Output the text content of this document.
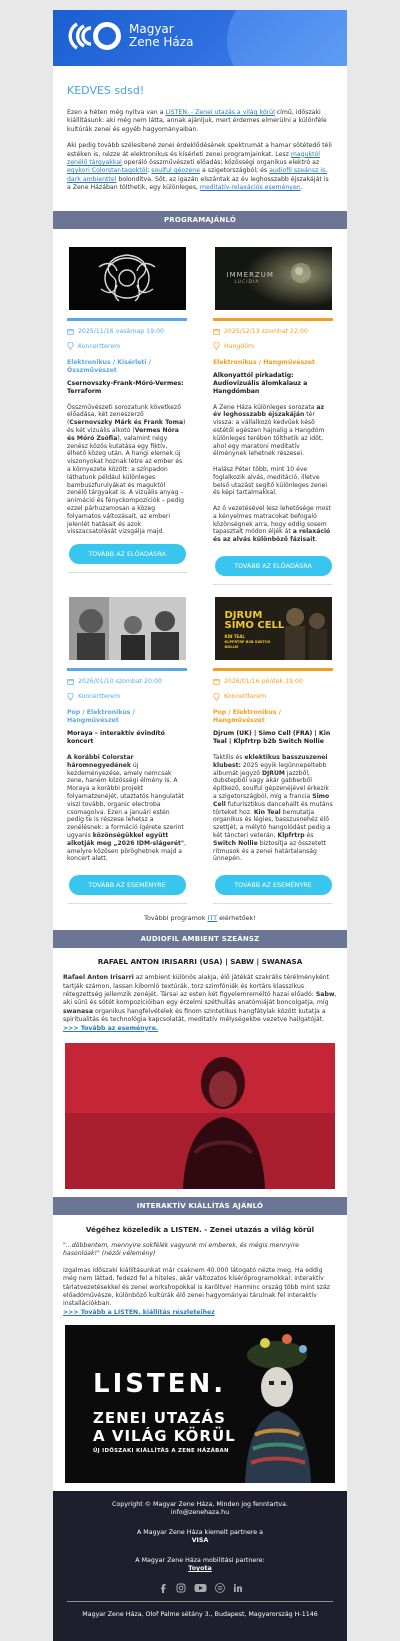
Magyar
Zene Háza
KEDVES sdsd!
Ezen a héten még nyitva van a LISTEN. - Zenei utazás a világ körül című, időszaki kiállításunk: aki még nem látta, annak ajánljuk, mert érdemes elmerülni a különféle kultúrák zenei és egyéb hagyományaiban.
Aki pedig tovább szélesítené zenei érdeklődésének spektrumát a hamar sötétedő téli estéken is, nézze át elektronikus és kísérleti zenei programjainkat. Lesz maguktól zenélő tárgyakkal operáló összművészeti előadás; közösségi organikus elektró az egykori Colorstar-tagoktól; soulful géozene a szigetországból; és audiofil szeánsz is, dark ambienttel bolondítva. Sőt, az igazán elszántak az év leghosszabb éjszakáját is a Zene Házában tölthetik, egy különleges, meditatív-relaxációs eseményen.
PROGRAMAJÁNLÓ
2025/11/16 vasárnap 19:00
Koncertterem
Elektronikus / Kísérleti / Összművészet
Csernovszky-Frank-Móró-Vermes: Terraform
Összművészeti sorozatunk következő előadása, két zeneszerző (Csernovszky Márk és Frank Toma) és két vizuális alkotó (Vermes Nóra és Móró Zsófia), valamint négy zenész közös kutatása egy fiktív, élhető közeg után. A hangi elemek új viszonyokat hoznak létre az ember és a környezete között: a színpadon láthatunk például különleges bambuszfurulyákat és maguktól zenélő tárgyakat is. A vizuális anyag – animáció és fényckompozíciók – pedig ezzel párhuzamosan a közeg folyamatos változásait, az emberi jelenlét hatásait és azok visszacsatolását vizsgálja majd.
TOVÁBB AZ ELŐADÁSRA
IMMERZUM
LUCIDIA
2025/12/13 szombat 22:00
Hangdóm
Elektronikus / Hangművészet
Alkonyattól pirkadatig: Audiovizuális álomkalauz a Hangdómban
A Zene Háza különleges sorozata az év leghosszabb éjszakáján tér vissza: a vállalkozó kedvűek késő estétől egészen hajnalig a Hangdóm különleges terében tölthetik az időt, ahol egy maratoni meditatív élménynek lehetnek részesei.

Halász Péter több, mint 10 éve foglalkozik alvás, meditáció, illetve belső utazást segítő különleges zenei és képi tartalmakkal.

Az ő vezetésével lesz lehetősége most a kényelmes matracokat befogaló közönségnek arra, hogy eddig sosem tapasztalt módon éljék át a relaxáció és az alvás különböző fázisait.
TOVÁBB AZ ELŐADÁSRA
2026/01/10 szombat 20:00
Koncertterem
Pop / Elektronikus / Hangművészet
Moraya – interaktív évindító koncert
A korábbi Colorstar háromnegyedének új kezdeményezése, amely nemcsak zene, hanem közösségi élmény is. A Moraya a korábbi projekt folyamatzenéjét, utaztatós hangulatát viszi tovább, organic electroba csomagolva. Ezen a januári estén pedig te is részese lehetsz a zenélésnek: a formáció ígérete szerint ugyanis közönségükkel együtt alkotják meg „2026 IDM-slágerét", amelyre közösen pöröghetnek majd a koncert alatt.
TOVÁBB AZ ESEMÉNYRE
DJRUM
SIMO CELL
KIN TEAL
KLPFRTRP B2B SWITCH NOLLIE
2026/01/16 péntek 19:00
Koncertterem
Pop / Elektronikus / Hangművészet
Djrum (UK) | Simo Cell (FRA) | Kin Teal | Klpfrtrp b2b Switch Nollie
Taktilis és eklektikus basszuszenei klubest: 2025 egyik legünnepeltebb albumát jegyző DJRUM jazzből, dubstepből vagy akár gabberből építkező, soulful gépzenéjével érkezik a szigetországból, míg a francia Simo Cell futurisztikus dancehallt és mutáns törteket hoz. Kin Teal bemutatja organikus és légies, basszusnehéz élő szettjét, a mélytó hangolódást pedig a két táncteri veterán, Klpfrtrp és Switch Nollie biztosítja az összetett ritmusok és a zenei határtalanság ünnepén.
TOVÁBB AZ ESEMÉNYRE
További programok ITT elérhetőek!
AUDIOFIL AMBIENT SZEÁNSZ
RAFAEL ANTON IRISARRI (USA) | SABW | SWANASA
Rafael Anton Irisarri az ambient különös alakja, élő játékát szakrális térélményként tartják számon, lassan kibomló textúrák, torz szimfóniák és kortárs klasszikus rétegzettség jellemzik zenéjét. Társai az esten két figyelemreméltó hazai előadó: Sabw, aki sűrű és sötét kompozícióiban egy érzelmi széthullás anatómiáját boncolgatja, míg swanasa organikus hangfelvételek és finom szintetikus hangfátylak között kutatja a spiritualitás és technológia kapcsolatát, meditatív mélységekbe vezetve hallgatóját.
>>> Tovább az eseményre.
INTERAKTÍV KIÁLLÍTÁS AJÁNLÓ
Végéhez közeledik a LISTEN. - Zenei utazás a világ körül
"...döbbentem, mennyire sokfélék vagyunk mi emberek, és mégis mennyire hasonlóak!" (nézői vélemény)
Izgalmas időszaki kiállításunkat már csaknem 40.000 látogató nézte meg. Ha eddig még nem láttad, fedezd fel a hiteles, akár változatos kísérőprogramokkal: interaktív tárlatvezetésekkel és zenei workshopokkal is karöltve! Harminc ország több mint száz előadóművésze, különböző kultúrák élő zenei hagyományai tárulnak fel interaktív installációkban.
>>> Tovább a LISTEN. kiállítás részleteihez
LISTEN.
ZENEI UTAZÁS
A VILÁG KÖRÜL
ÚJ IDŐSZAKI KIÁLLÍTÁS A ZENE HÁZÁBAN
Copyright © Magyar Zene Háza, Minden jog fenntartva.
info@zenehaza.hu
A Magyar Zene Háza kiemelt partnere a
VISA
A Magyar Zene Háza mobilitási partnere:
Toyota
Magyar Zene Háza, Olof Palme sétány 3., Budapest, Magyarország H-1146
